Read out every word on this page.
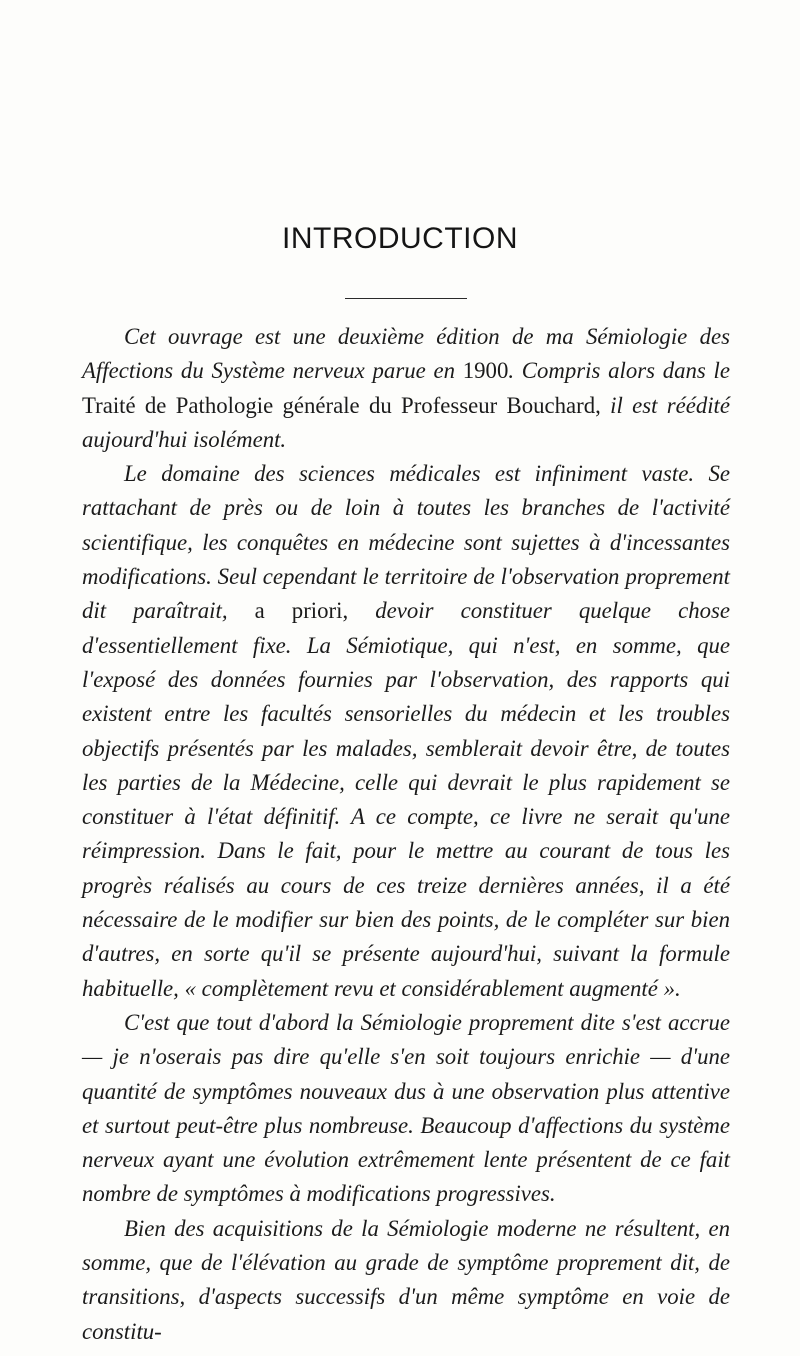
INTRODUCTION

Cet ouvrage est une deuxième édition de ma Sémiologie des Affections du Système nerveux parue en 1900. Compris alors dans le Traité de Pathologie générale du Professeur Bouchard, il est réédité aujourd'hui isolément.

Le domaine des sciences médicales est infiniment vaste. Se rattachant de près ou de loin à toutes les branches de l'activité scientifique, les conquêtes en médecine sont sujettes à d'incessantes modifications. Seul cependant le territoire de l'observation proprement dit paraîtrait, a priori, devoir constituer quelque chose d'essentiellement fixe. La Sémiotique, qui n'est, en somme, que l'exposé des données fournies par l'observation, des rapports qui existent entre les facultés sensorielles du médecin et les troubles objectifs présentés par les malades, semblerait devoir être, de toutes les parties de la Médecine, celle qui devrait le plus rapidement se constituer à l'état définitif. A ce compte, ce livre ne serait qu'une réimpression. Dans le fait, pour le mettre au courant de tous les progrès réalisés au cours de ces treize dernières années, il a été nécessaire de le modifier sur bien des points, de le compléter sur bien d'autres, en sorte qu'il se présente aujourd'hui, suivant la formule habituelle, « complètement revu et considérablement augmenté ».

C'est que tout d'abord la Sémiologie proprement dite s'est accrue — je n'oserais pas dire qu'elle s'en soit toujours enrichie — d'une quantité de symptômes nouveaux dus à une observation plus attentive et surtout peut-être plus nombreuse. Beaucoup d'affections du système nerveux ayant une évolution extrêmement lente présentent de ce fait nombre de symptômes à modifications progressives.

Bien des acquisitions de la Sémiologie moderne ne résultent, en somme, que de l'élévation au grade de symptôme proprement dit, de transitions, d'aspects successifs d'un même symptôme en voie de constitu-
